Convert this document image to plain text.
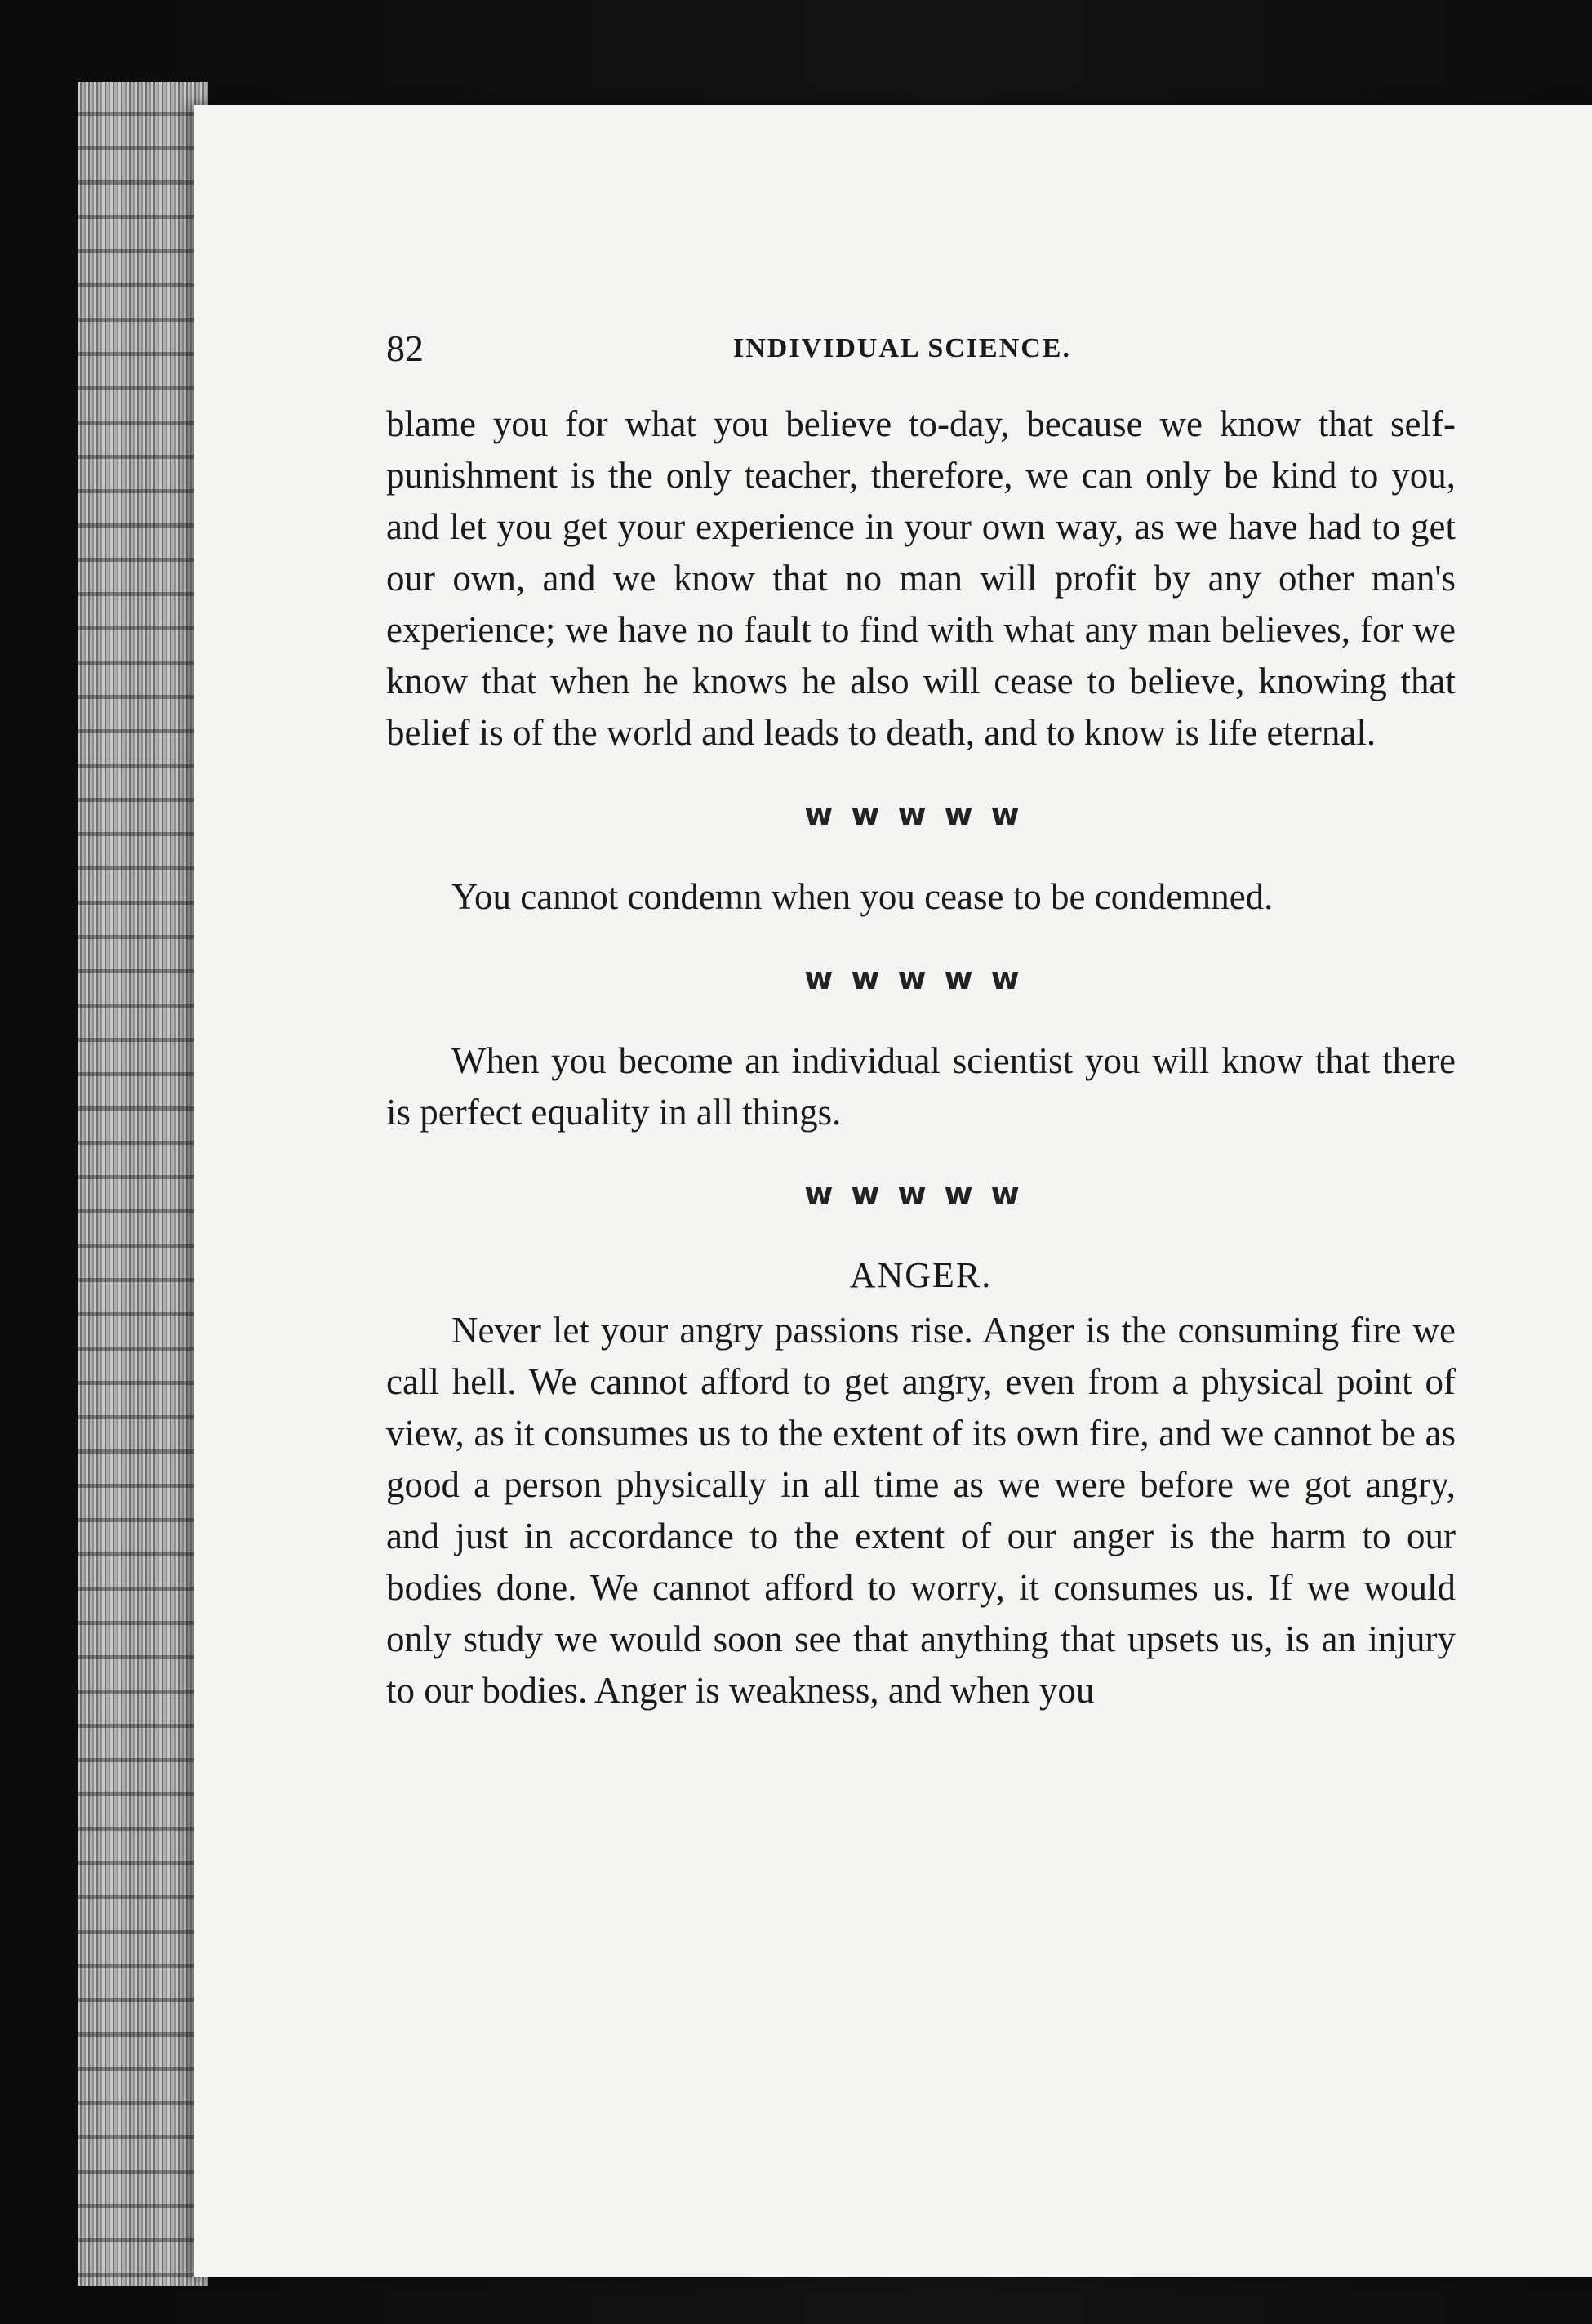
82	INDIVIDUAL SCIENCE.

blame you for what you believe to-day, because we know that self-punishment is the only teacher, therefore, we can only be kind to you, and let you get your experience in your own way, as we have had to get our own, and we know that no man will profit by any other man's experience; we have no fault to find with what any man believes, for we know that when he knows he also will cease to believe, knowing that belief is of the world and leads to death, and to know is life eternal.

ᴡᴡᴡᴡᴡ

You cannot condemn when you cease to be condemned.

ᴡᴡᴡᴡᴡ

When you become an individual scientist you will know that there is perfect equality in all things.

ᴡᴡᴡᴡᴡ
ANGER.

Never let your angry passions rise. Anger is the consuming fire we call hell. We cannot afford to get angry, even from a physical point of view, as it consumes us to the extent of its own fire, and we cannot be as good a person physically in all time as we were before we got angry, and just in accordance to the extent of our anger is the harm to our bodies done. We cannot afford to worry, it consumes us. If we would only study we would soon see that anything that upsets us, is an injury to our bodies. Anger is weakness, and when you
